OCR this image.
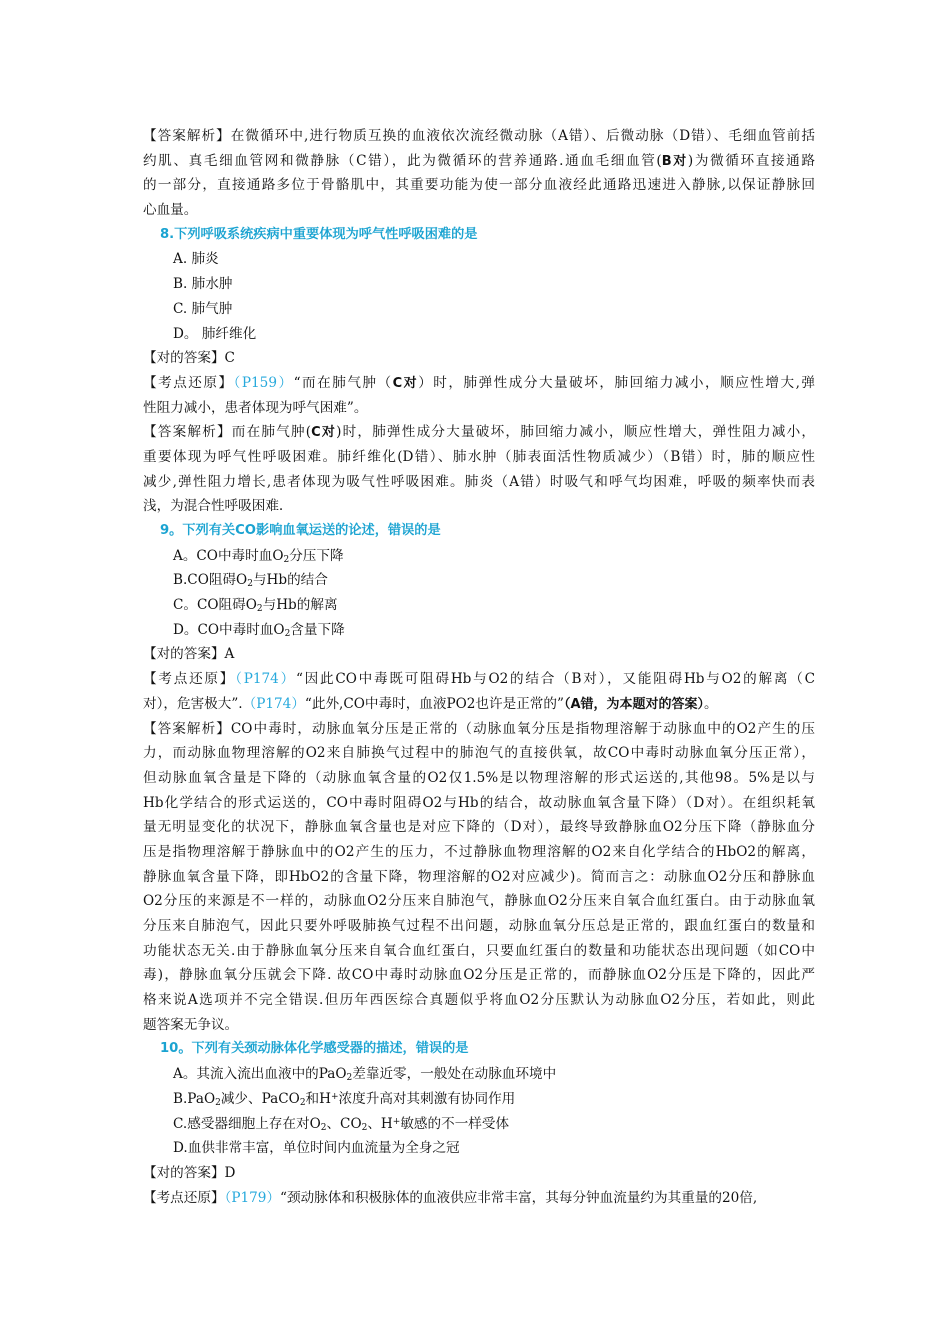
【答案解析】在微循环中,进行物质互换的血液依次流经微动脉（A错）、后微动脉（D错）、毛细血管前括
约肌、真毛细血管网和微静脉（C错），此为微循环的营养通路.通血毛细血管(B对)为微循环直接通路
的一部分，直接通路多位于骨骼肌中，其重要功能为使一部分血液经此通路迅速进入静脉,以保证静脉回
心血量。
8.下列呼吸系统疾病中重要体现为呼气性呼吸困难的是
A. 肺炎
B. 肺水肿
C. 肺气肿
D。 肺纤维化
【对的答案】C
【考点还原】（P159）“而在肺气肿（C对）时，肺弹性成分大量破坏，肺回缩力减小，顺应性增大,弹
性阻力减小，患者体现为呼气困难”。
【答案解析】而在肺气肿(C对)时，肺弹性成分大量破坏，肺回缩力减小，顺应性增大，弹性阻力减小，
重要体现为呼气性呼吸困难。肺纤维化(D错）、肺水肿（肺表面活性物质减少）（B错）时，肺的顺应性
减少,弹性阻力增长,患者体现为吸气性呼吸困难。肺炎（A错）时吸气和呼气均困难，呼吸的频率快而表
浅，为混合性呼吸困难.
9。下列有关CO影响血氧运送的论述，错误的是
A。CO中毒时血$O_2$分压下降
B.CO阻碍$O_2$与Hb的结合
C。CO阻碍$O_2$与Hb的解离
D。CO中毒时血$O_2$含量下降
【对的答案】A
【考点还原】（P174）“因此CO中毒既可阻碍Hb与O2的结合（B对），又能阻碍Hb与O2的解离（C
对），危害极大”.（P174）“此外,CO中毒时，血液PO2也许是正常的”（A错，为本题对的答案）。
【答案解析】CO中毒时，动脉血氧分压是正常的（动脉血氧分压是指物理溶解于动脉血中的O2产生的压
力，而动脉血物理溶解的O2来自肺换气过程中的肺泡气的直接供氧，故CO中毒时动脉血氧分压正常），
但动脉血氧含量是下降的（动脉血氧含量的O2仅1.5%是以物理溶解的形式运送的,其他98。5%是以与
Hb化学结合的形式运送的，CO中毒时阻碍O2与Hb的结合，故动脉血氧含量下降）（D对）。在组织耗氧
量无明显变化的状况下，静脉血氧含量也是对应下降的（D对），最终导致静脉血O2分压下降（静脉血分
压是指物理溶解于静脉血中的O2产生的压力，不过静脉血物理溶解的O2来自化学结合的HbO2的解离，
静脉血氧含量下降，即HbO2的含量下降，物理溶解的O2对应减少)。简而言之：动脉血O2分压和静脉血
O2分压的来源是不一样的，动脉血O2分压来自肺泡气，静脉血O2分压来自氧合血红蛋白。由于动脉血氧
分压来自肺泡气，因此只要外呼吸肺换气过程不出问题，动脉血氧分压总是正常的，跟血红蛋白的数量和
功能状态无关.由于静脉血氧分压来自氧合血红蛋白，只要血红蛋白的数量和功能状态出现问题（如CO中
毒)，静脉血氧分压就会下降. 故CO中毒时动脉血O2分压是正常的，而静脉血O2分压是下降的，因此严
格来说A选项并不完全错误.但历年西医综合真题似乎将血O2分压默认为动脉血O2分压，若如此，则此
题答案无争议。
10。下列有关颈动脉体化学感受器的描述，错误的是
A。其流入流出血液中的PaO$_2$差靠近零，一般处在动脉血环境中
B.PaO$_2$减少、PaCO$_2$和H+浓度升高对其刺激有协同作用
C.感受器细胞上存在对$O_2$、$CO_2$、H+敏感的不一样受体
D.血供非常丰富，单位时间内血流量为全身之冠
【对的答案】D
【考点还原】（P179）“颈动脉体和积极脉体的血液供应非常丰富，其每分钟血流量约为其重量的20倍,
